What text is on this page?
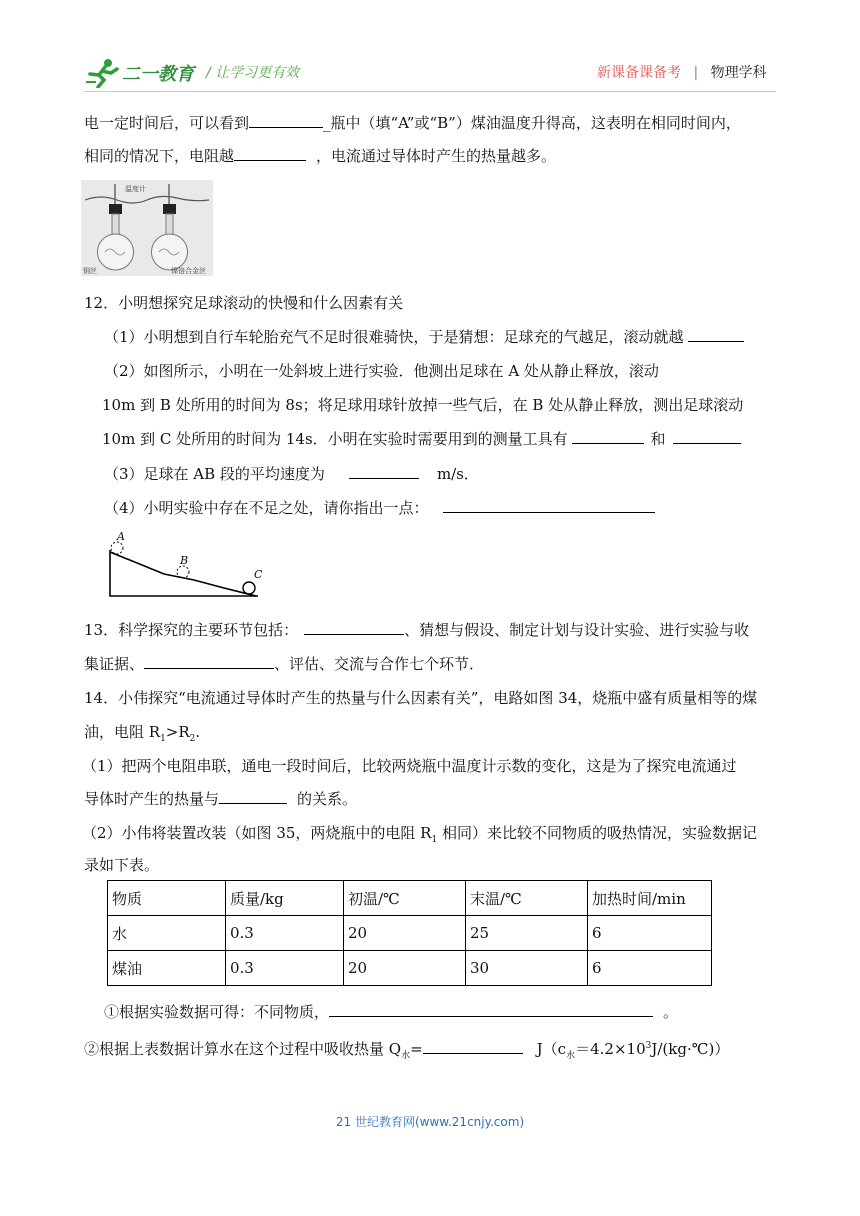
二一教育 / 让学习更有效	新课备课备考 | 物理学科
电一定时间后，可以看到	_瓶中（填“A”或“B”）煤油温度升得高，这表明在相同时间内，
相同的情况下，电阻越	，电流通过导体时产生的热量越多。
温度计
铜丝	镍铬合金丝
12．小明想探究足球滚动的快慢和什么因素有关
（1）小明想到自行车轮胎充气不足时很难骑快，于是猜想：足球充的气越足，滚动就越
（2）如图所示，小明在一处斜坡上进行实验．他测出足球在 A 处从静止释放，滚动
10m 到 B 处所用的时间为 8s；将足球用球针放掉一些气后，在 B 处从静止释放，测出足球滚动
10m 到 C 处所用的时间为 14s．小明在实验时需要用到的测量工具有	和
（3）足球在 AB 段的平均速度为	m/s．
（4）小明实验中存在不足之处，请你指出一点：
A
B
C
13．科学探究的主要环节包括：	、猜想与假设、制定计划与设计实验、进行实验与收
集证据、	、评估、交流与合作七个环节．
14．小伟探究“电流通过导体时产生的热量与什么因素有关”，电路如图 34，烧瓶中盛有质量相等的煤
油，电阻 $R_1>R_2$.
（1）把两个电阻串联，通电一段时间后，比较两烧瓶中温度计示数的变化，这是为了探究电流通过
导体时产生的热量与	的关系。
（2）小伟将装置改装（如图 35，两烧瓶中的电阻 $R_1$ 相同）来比较不同物质的吸热情况，实验数据记
录如下表。
物质	质量/kg	初温/℃	末温/℃	加热时间/min
水	0.3	20	25	6
煤油	0.3	20	30	6
①根据实验数据可得：不同物质，	。
②根据上表数据计算水在这个过程中吸收热量 $Q_水=$	$J(c_水=4.2\times 10^3J/(kg\cdot℃))$
21 世纪教育网(www.21cnjy.com)
